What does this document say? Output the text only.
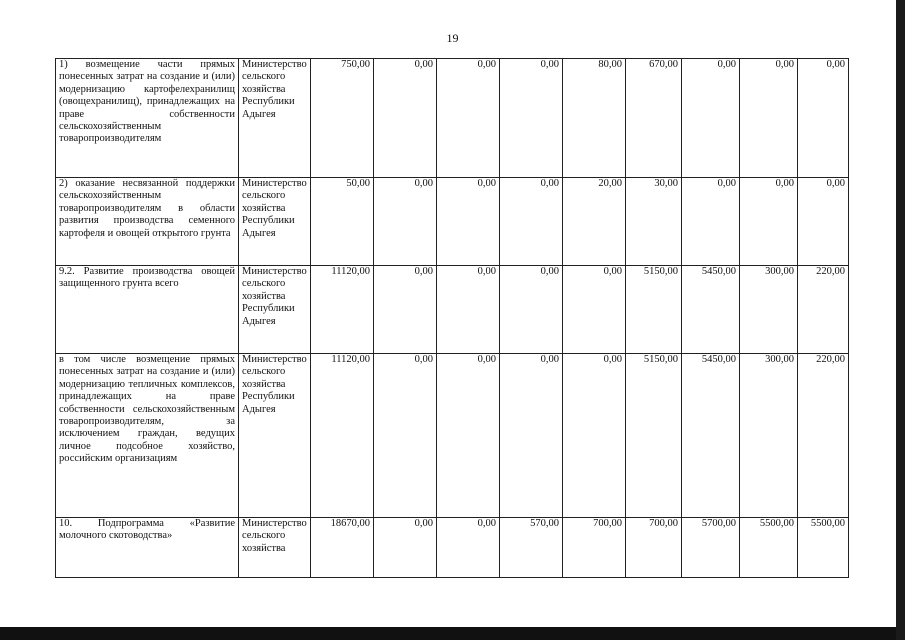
19
1) возмещение части прямых понесенных затрат на создание и (или) модернизацию картофелехранилищ (овощехранилищ), принадлежащих на праве собственности сельскохозяйственным товаропроизводителям	Министерство сельского хозяйства Республики Адыгея	750,00	0,00	0,00	0,00	80,00	670,00	0,00	0,00	0,00
2) оказание несвязанной поддержки сельскохозяйственным товаропроизводителям в области развития производства семенного картофеля и овощей открытого грунта	Министерство сельского хозяйства Республики Адыгея	50,00	0,00	0,00	0,00	20,00	30,00	0,00	0,00	0,00
9.2. Развитие производства овощей защищенного грунта всего	Министерство сельского хозяйства Республики Адыгея	11120,00	0,00	0,00	0,00	0,00	5150,00	5450,00	300,00	220,00
в том числе возмещение прямых понесенных затрат на создание и (или) модернизацию тепличных комплексов, принадлежащих на праве собственности сельскохозяйственным товаропроизводителям, за исключением граждан, ведущих личное подсобное хозяйство, российским организациям	Министерство сельского хозяйства Республики Адыгея	11120,00	0,00	0,00	0,00	0,00	5150,00	5450,00	300,00	220,00
10. Подпрограмма «Развитие молочного скотоводства»	Министерство сельского хозяйства	18670,00	0,00	0,00	570,00	700,00	700,00	5700,00	5500,00	5500,00
